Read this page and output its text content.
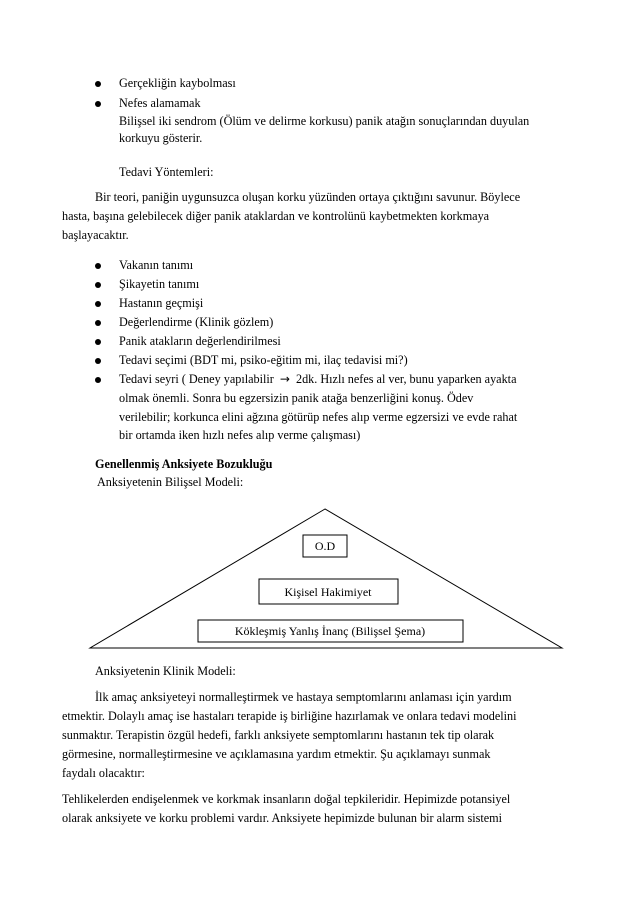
Gerçekliğin kaybolması
Nefes alamamak
Bilişsel iki sendrom (Ölüm ve delirme korkusu) panik atağın sonuçlarından duyulan
korkuyu gösterir.
Tedavi Yöntemleri:
Bir teori, paniğin uygunsuzca oluşan korku yüzünden ortaya çıktığını savunur. Böylece
hasta, başına gelebilecek diğer panik ataklardan ve kontrolünü kaybetmekten korkmaya
başlayacaktır.
Vakanın tanımı
Şikayetin tanımı
Hastanın geçmişi
Değerlendirme (Klinik gözlem)
Panik atakların değerlendirilmesi
Tedavi seçimi (BDT mi, psiko-eğitim mi, ilaç tedavisi mi?)
Tedavi seyri ( Deney yapılabilir → 2dk. Hızlı nefes al ver, bunu yaparken ayakta
olmak önemli. Sonra bu egzersizin panik atağa benzerliğini konuş. Ödev
verilebilir; korkunca elini ağzına götürüp nefes alıp verme egzersizi ve evde rahat
bir ortamda iken hızlı nefes alıp verme çalışması)
Genellenmiş Anksiyete Bozukluğu
Anksiyetenin Bilişsel Modeli:
O.D
Kişisel Hakimiyet
Kökleşmiş Yanlış İnanç (Bilişsel Şema)
Anksiyetenin Klinik Modeli:
İlk amaç anksiyeteyi normalleştirmek ve hastaya semptomlarını anlaması için yardım
etmektir. Dolaylı amaç ise hastaları terapide iş birliğine hazırlamak ve onlara tedavi modelini
sunmaktır. Terapistin özgül hedefi, farklı anksiyete semptomlarını hastanın tek tip olarak
görmesine, normalleştirmesine ve açıklamasına yardım etmektir. Şu açıklamayı sunmak
faydalı olacaktır:
Tehlikelerden endişelenmek ve korkmak insanların doğal tepkileridir. Hepimizde potansiyel
olarak anksiyete ve korku problemi vardır. Anksiyete hepimizde bulunan bir alarm sistemi
